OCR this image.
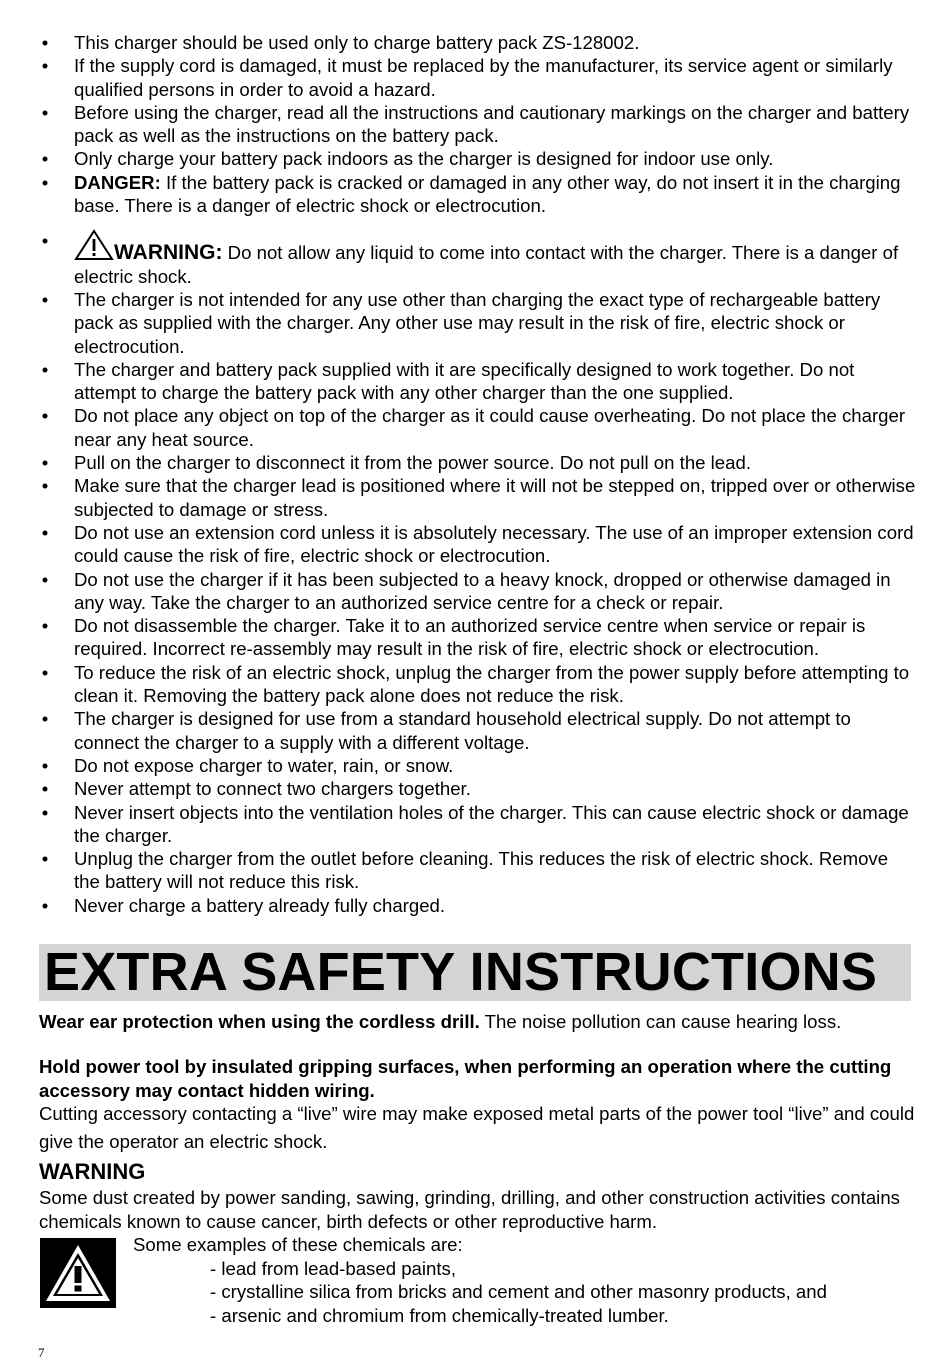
• This charger should be used only to charge battery pack ZS-128002.
• If the supply cord is damaged, it must be replaced by the manufacturer, its service agent or similarly qualified persons in order to avoid a hazard.
• Before using the charger, read all the instructions and cautionary markings on the charger and battery pack as well as the instructions on the battery pack.
• Only charge your battery pack indoors as the charger is designed for indoor use only.
• DANGER: If the battery pack is cracked or damaged in any other way, do not insert it in the charging base. There is a danger of electric shock or electrocution.
•
WARNING: Do not allow any liquid to come into contact with the charger. There is a danger of electric shock.
• The charger is not intended for any use other than charging the exact type of rechargeable battery pack as supplied with the charger. Any other use may result in the risk of fire, electric shock or electrocution.
• The charger and battery pack supplied with it are specifically designed to work together. Do not attempt to charge the battery pack with any other charger than the one supplied.
• Do not place any object on top of the charger as it could cause overheating. Do not place the charger near any heat source.
• Pull on the charger to disconnect it from the power source. Do not pull on the lead.
• Make sure that the charger lead is positioned where it will not be stepped on, tripped over or otherwise subjected to damage or stress.
• Do not use an extension cord unless it is absolutely necessary. The use of an improper extension cord could cause the risk of fire, electric shock or electrocution.
• Do not use the charger if it has been subjected to a heavy knock, dropped or otherwise damaged in any way. Take the charger to an authorized service centre for a check or repair.
• Do not disassemble the charger. Take it to an authorized service centre when service or repair is required. Incorrect re-assembly may result in the risk of fire, electric shock or electrocution.
• To reduce the risk of an electric shock, unplug the charger from the power supply before attempting to clean it. Removing the battery pack alone does not reduce the risk.
• The charger is designed for use from a standard household electrical supply. Do not attempt to connect the charger to a supply with a different voltage.
• Do not expose charger to water, rain, or snow.
• Never attempt to connect two chargers together.
• Never insert objects into the ventilation holes of the charger. This can cause electric shock or damage the charger.
• Unplug the charger from the outlet before cleaning. This reduces the risk of electric shock. Remove the battery will not reduce this risk.
• Never charge a battery already fully charged.
EXTRA SAFETY INSTRUCTIONS
Wear ear protection when using the cordless drill. The noise pollution can cause hearing loss.
Hold power tool by insulated gripping surfaces, when performing an operation where the cutting accessory may contact hidden wiring.
Cutting accessory contacting a “live” wire may make exposed metal parts of the power tool “live” and could give the operator an electric shock.
WARNING
Some dust created by power sanding, sawing, grinding, drilling, and other construction activities contains chemicals known to cause cancer, birth defects or other reproductive harm.
Some examples of these chemicals are:
- lead from lead-based paints,
- crystalline silica from bricks and cement and other masonry products, and
- arsenic and chromium from chemically-treated lumber.
7
